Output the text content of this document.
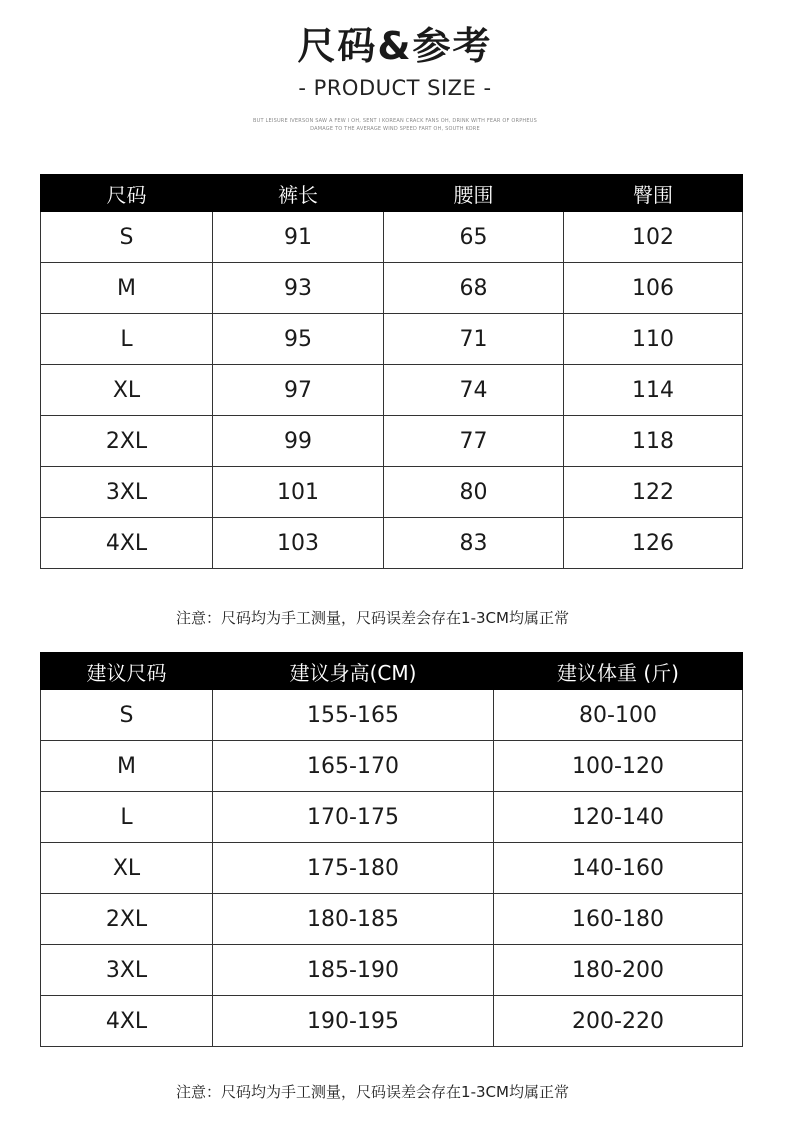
尺码&参考
- PRODUCT SIZE -
BUT LEISURE IVERSON SAW A FEW I OH, SENT I KOREAN CRACK FANS OH, DRINK WITH FEAR OF ORPHEUS
DAMAGE TO THE AVERAGE WIND SPEED FART OH, SOUTH KORE
尺码	裤长	腰围	臀围
S	91	65	102
M	93	68	106
L	95	71	110
XL	97	74	114
2XL	99	77	118
3XL	101	80	122
4XL	103	83	126
注意：尺码均为手工测量，尺码误差会存在1-3CM均属正常
建议尺码	建议身高(CM)	建议体重 (斤)
S	155-165	80-100
M	165-170	100-120
L	170-175	120-140
XL	175-180	140-160
2XL	180-185	160-180
3XL	185-190	180-200
4XL	190-195	200-220
注意：尺码均为手工测量，尺码误差会存在1-3CM均属正常
